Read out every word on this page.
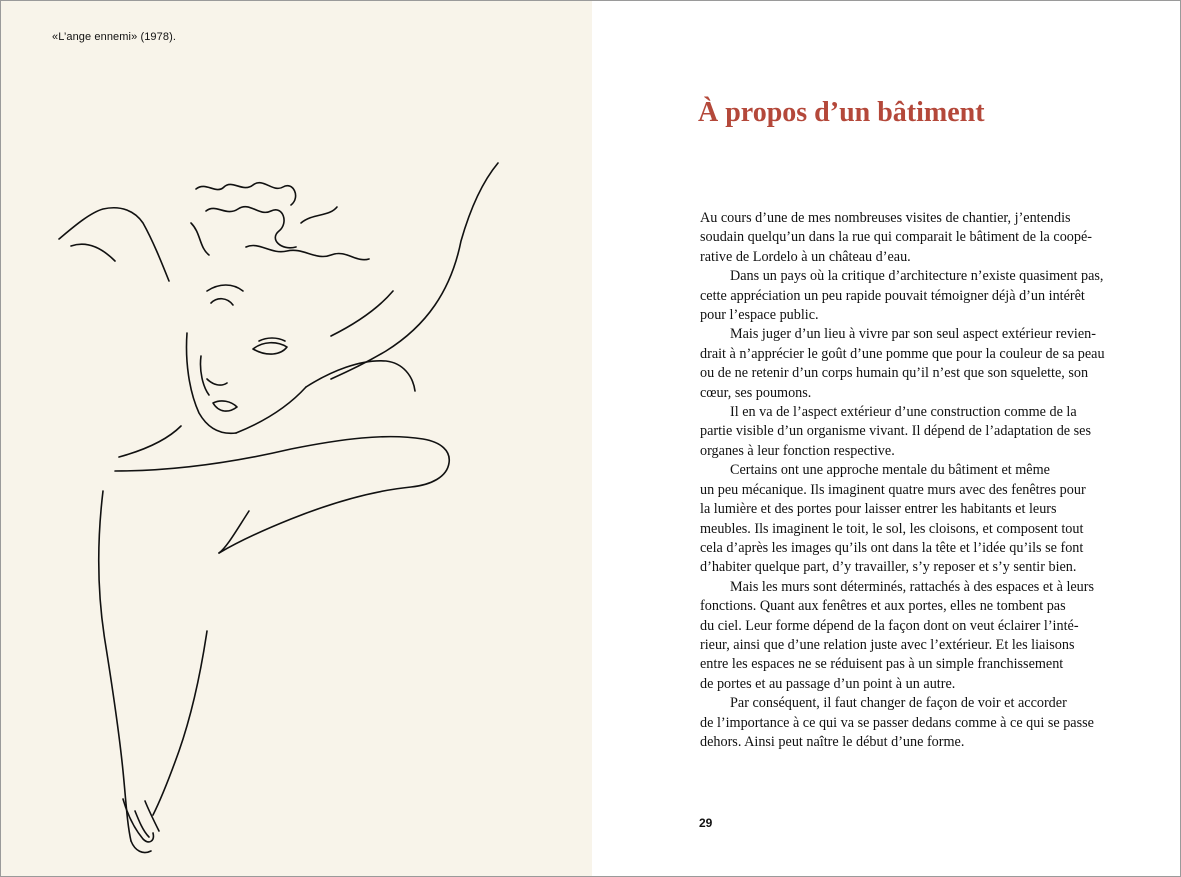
«L’ange ennemi» (1978).
À propos d’un bâtiment

Au cours d’une de mes nombreuses visites de chantier, j’entendis
soudain quelqu’un dans la rue qui comparait le bâtiment de la coopé-
rative de Lordelo à un château d’eau.

Dans un pays où la critique d’architecture n’existe quasiment pas,
cette appréciation un peu rapide pouvait témoigner déjà d’un intérêt
pour l’espace public.

Mais juger d’un lieu à vivre par son seul aspect extérieur revien-
drait à n’apprécier le goût d’une pomme que pour la couleur de sa peau
ou de ne retenir d’un corps humain qu’il n’est que son squelette, son
cœur, ses poumons.

Il en va de l’aspect extérieur d’une construction comme de la
partie visible d’un organisme vivant. Il dépend de l’adaptation de ses
organes à leur fonction respective.

Certains ont une approche mentale du bâtiment et même
un peu mécanique. Ils imaginent quatre murs avec des fenêtres pour
la lumière et des portes pour laisser entrer les habitants et leurs
meubles. Ils imaginent le toit, le sol, les cloisons, et composent tout
cela d’après les images qu’ils ont dans la tête et l’idée qu’ils se font
d’habiter quelque part, d’y travailler, s’y reposer et s’y sentir bien.

Mais les murs sont déterminés, rattachés à des espaces et à leurs
fonctions. Quant aux fenêtres et aux portes, elles ne tombent pas
du ciel. Leur forme dépend de la façon dont on veut éclairer l’inté-
rieur, ainsi que d’une relation juste avec l’extérieur. Et les liaisons
entre les espaces ne se réduisent pas à un simple franchissement
de portes et au passage d’un point à un autre.

Par conséquent, il faut changer de façon de voir et accorder
de l’importance à ce qui va se passer dedans comme à ce qui se passe
dehors. Ainsi peut naître le début d’une forme.

29
